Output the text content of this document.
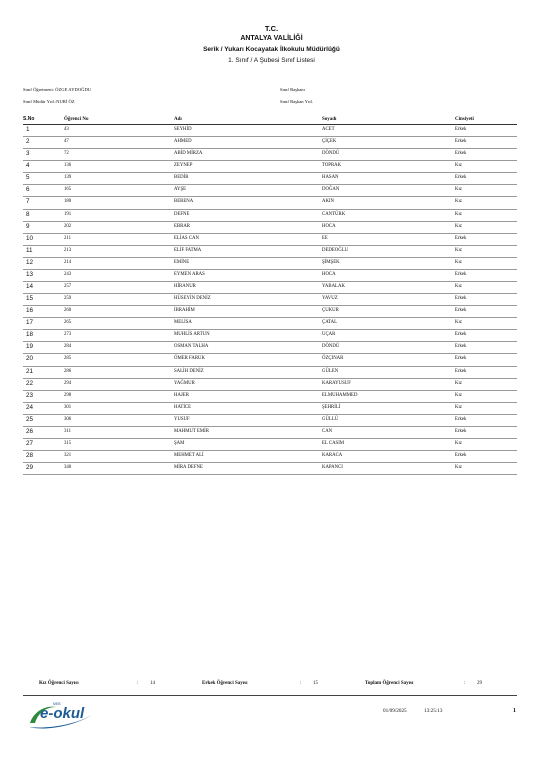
T.C.
ANTALYA VALİLİĞİ
Serik / Yukarı Kocayatak İlkokulu Müdürlüğü
1. Sınıf / A Şubesi Sınıf Listesi
Sınıf Öğretmeni: ÖZGE AYDOĞDU	Sınıf Başkanı
Sınıf Müdür Yrd.:NURİ ÖZ	Sınıf Başkan Yrd.
S.No	Öğrenci No	Adı	Soyadı	Cinsiyeti
1	43	SEYHİD	ACET	Erkek
2	47	AHMED	ÇİÇEK	Erkek
3	72	ABİD MİRZA	DÖNDÜ	Erkek
4	136	ZEYNEP	TOPRAK	Kız
5	139	BEDİR	HASAN	Erkek
6	165	AYŞE	DOĞAN	Kız
7	180	BERENA	AKIN	Kız
8	191	DEFNE	CANTÜRK	Kız
9	202	EBRAR	HOCA	Kız
10	211	ELİAS CAN	EE	Erkek
11	213	ELİF FATMA	DEDEOĞLU	Kız
12	214	EMİNE	ŞİMŞEK	Kız
13	243	EYMEN ARAS	HOCA	Erkek
14	257	HİRANUR	YABALAK	Kız
15	259	HÜSEYİN DENİZ	YAVUZ	Erkek
16	260	İBRAHİM	ÇUKUR	Erkek
17	265	MELİSA	ÇATAL	Kız
18	273	MUHLİS ARTUN	UÇAR	Erkek
19	284	OSMAN TALHA	DÖNDÜ	Erkek
20	285	ÖMER FARUK	ÖZÇINAR	Erkek
21	286	SALİH DENİZ	GÜLEN	Erkek
22	294	YAĞMUR	KARAYUSUF	Kız
23	298	HAJER	ELMUHAMMED	Kız
24	301	HATİCE	ŞEHRİLİ	Kız
25	306	YUSUF	GÜLLÜ	Erkek
26	311	MAHMUT EMİR	CAN	Erkek
27	315	ŞAM	EL CASIM	Kız
28	321	MEHMET ALİ	KARACA	Erkek
29	340	MİRA DEFNE	KAPANCI	Kız
Kız Öğrenci Sayısı	: 14	Erkek Öğrenci Sayısı	: 15	Toplam Öğrenci Sayısı	: 29
MEB
e-okul	01/09/2025	13:25:13	1
